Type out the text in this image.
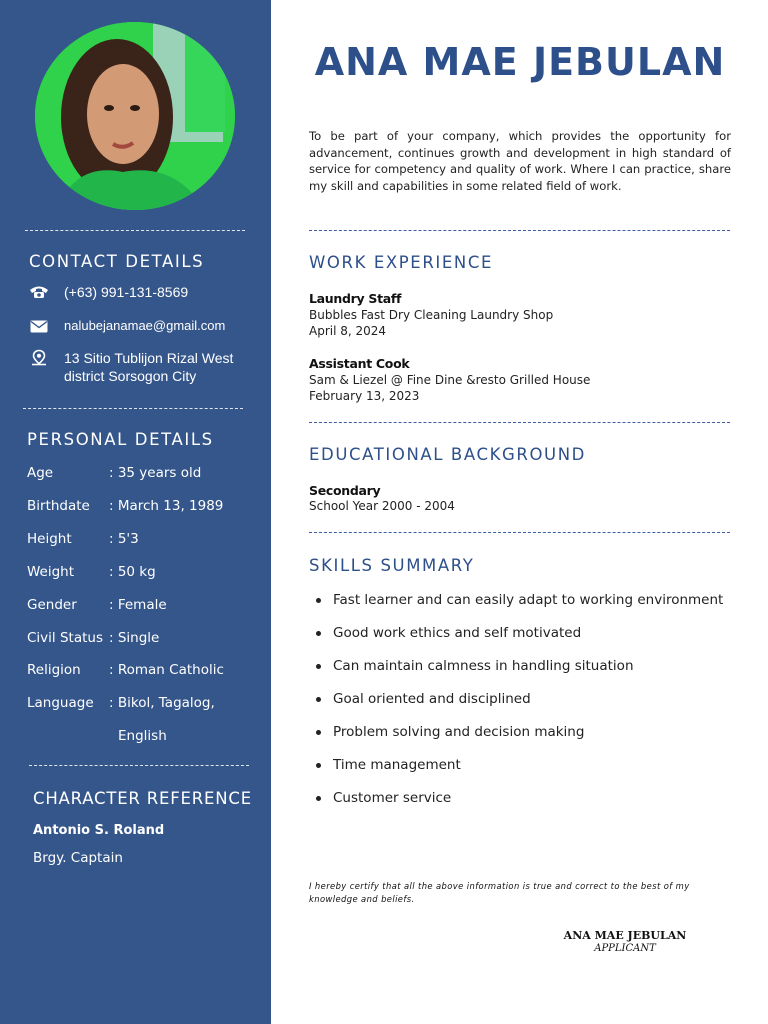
CONTACT DETAILS
(+63) 991-131-8569
nalubejanamae@gmail.com
13 Sitio Tublijon Rizal West district Sorsogon City
PERSONAL DETAILS
Age	: 35 years old
Birthdate : March 13, 1989
Height	: 5'3
Weight	: 50 kg
Gender : Female
Civil Status : Single
Religion : Roman Catholic
Language : Bikol, Tagalog,
English
CHARACTER REFERENCE
Antonio S. Roland
Brgy. Captain
ANA MAE JEBULAN
To be part of your company, which provides the opportunity for advancement, continues growth and development in high standard of service for competency and quality of work. Where I can practice, share my skill and capabilities in some related field of work.
WORK EXPERIENCE
Laundry Staff
Bubbles Fast Dry Cleaning Laundry Shop
April 8, 2024
Assistant Cook
Sam & Liezel @ Fine Dine &resto Grilled House
February 13, 2023
EDUCATIONAL BACKGROUND
Secondary
School Year 2000 - 2004
SKILLS SUMMARY
Fast learner and can easily adapt to working environment
Good work ethics and self motivated
Can maintain calmness in handling situation
Goal oriented and disciplined
Problem solving and decision making
Time management
Customer service
I hereby certify that all the above information is true and correct to the best of my knowledge and beliefs.
ANA MAE JEBULAN
APPLICANT
